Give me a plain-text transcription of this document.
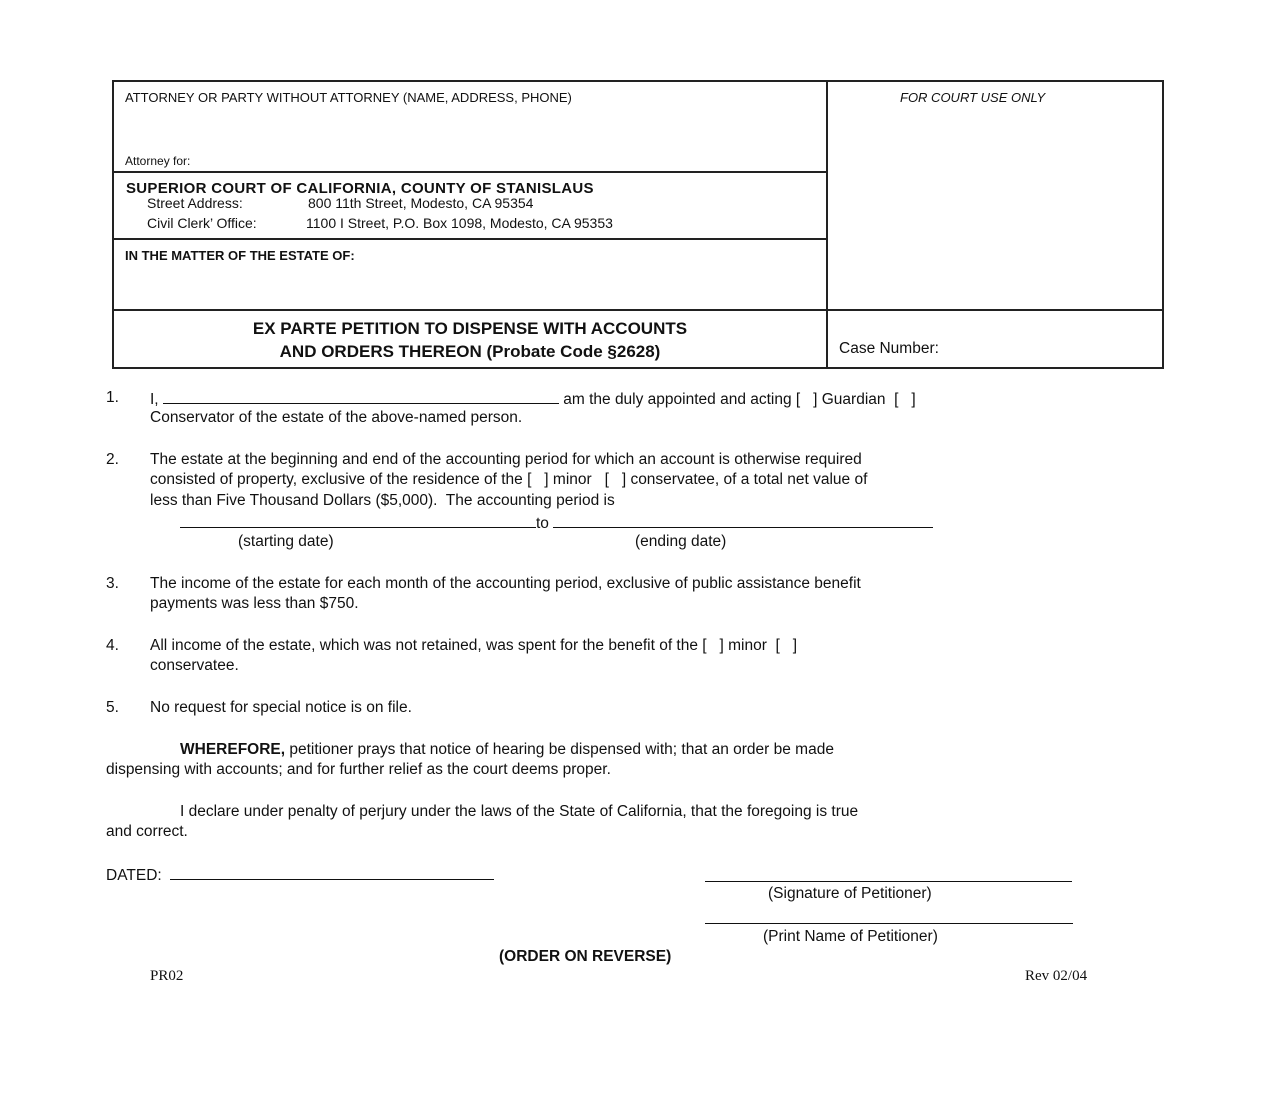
ATTORNEY OR PARTY WITHOUT ATTORNEY (NAME, ADDRESS, PHONE)
Attorney for:
FOR COURT USE ONLY
SUPERIOR COURT OF CALIFORNIA, COUNTY OF STANISLAUS
Street Address:	800 11th Street, Modesto, CA 95354
Civil Clerk’ Office:	1100 I Street, P.O. Box 1098, Modesto, CA 95353
IN THE MATTER OF THE ESTATE OF:
EX PARTE PETITION TO DISPENSE WITH ACCOUNTS
AND ORDERS THEREON (Probate Code §2628)	Case Number:
1. I,	am the duly appointed and acting [   ] Guardian  [   ]
Conservator of the estate of the above-named person.
2. The estate at the beginning and end of the accounting period for which an account is otherwise required
consisted of property, exclusive of the residence of the [   ] minor   [   ] conservatee, of a total net value of
less than Five Thousand Dollars ($5,000).  The accounting period is
to
(starting date)	(ending date)
3. The income of the estate for each month of the accounting period, exclusive of public assistance benefit
payments was less than $750.
4. All income of the estate, which was not retained, was spent for the benefit of the [   ] minor  [   ]
conservatee.
5. No request for special notice is on file.
WHEREFORE, petitioner prays that notice of hearing be dispensed with; that an order be made
dispensing with accounts; and for further relief as the court deems proper.
I declare under penalty of perjury under the laws of the State of California, that the foregoing is true
and correct.
DATED:
(Signature of Petitioner)
(Print Name of Petitioner)
(ORDER ON REVERSE)
PR02	Rev 02/04
